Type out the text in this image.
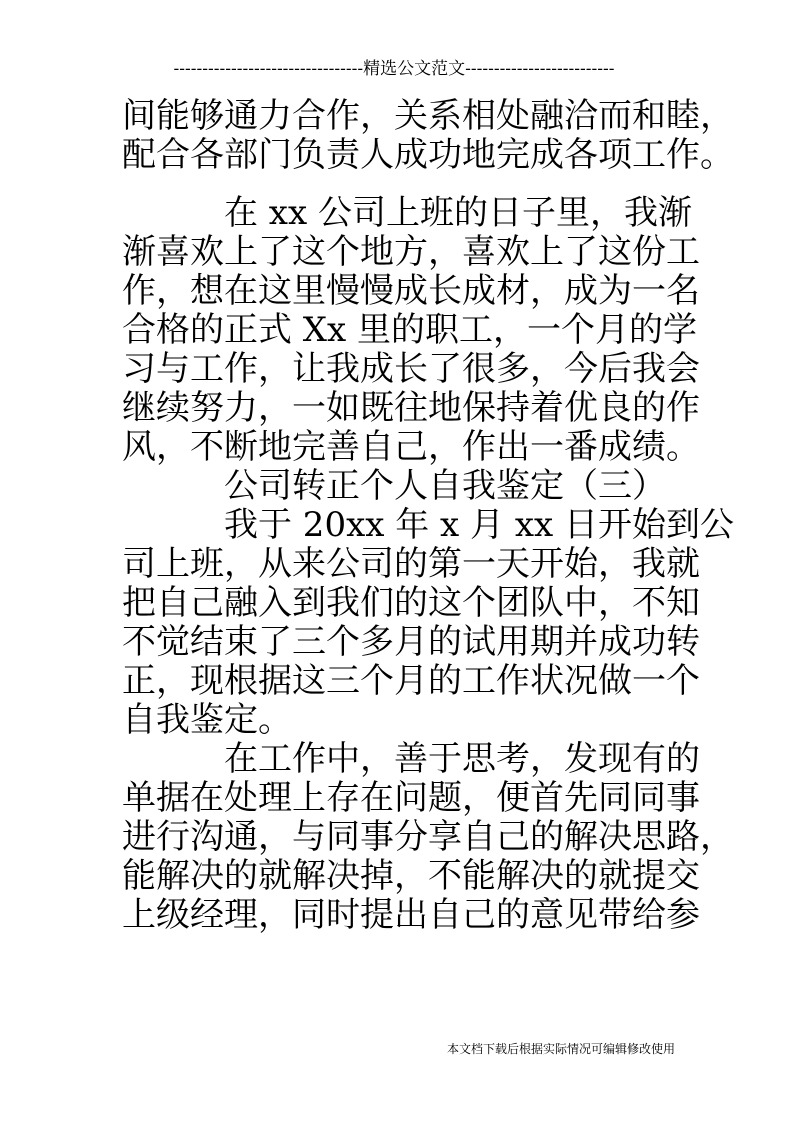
---------------------------------精选公文范文--------------------------
间能够通力合作，关系相处融洽而和睦，
配合各部门负责人成功地完成各项工作。
　　　在 xx 公司上班的日子里，我渐
渐喜欢上了这个地方，喜欢上了这份工
作，想在这里慢慢成长成材，成为一名
合格的正式 Xx 里的职工，一个月的学
习与工作，让我成长了很多，今后我会
继续努力，一如既往地保持着优良的作
风，不断地完善自己，作出一番成绩。
　　　公司转正个人自我鉴定（三）
　　　我于 20xx 年 x 月 xx 日开始到公
司上班，从来公司的第一天开始，我就
把自己融入到我们的这个团队中，不知
不觉结束了三个多月的试用期并成功转
正，现根据这三个月的工作状况做一个
自我鉴定。
　　　在工作中，善于思考，发现有的
单据在处理上存在问题，便首先同同事
进行沟通，与同事分享自己的解决思路，
能解决的就解决掉，不能解决的就提交
上级经理，同时提出自己的意见带给参
本文档下载后根据实际情况可编辑修改使用
